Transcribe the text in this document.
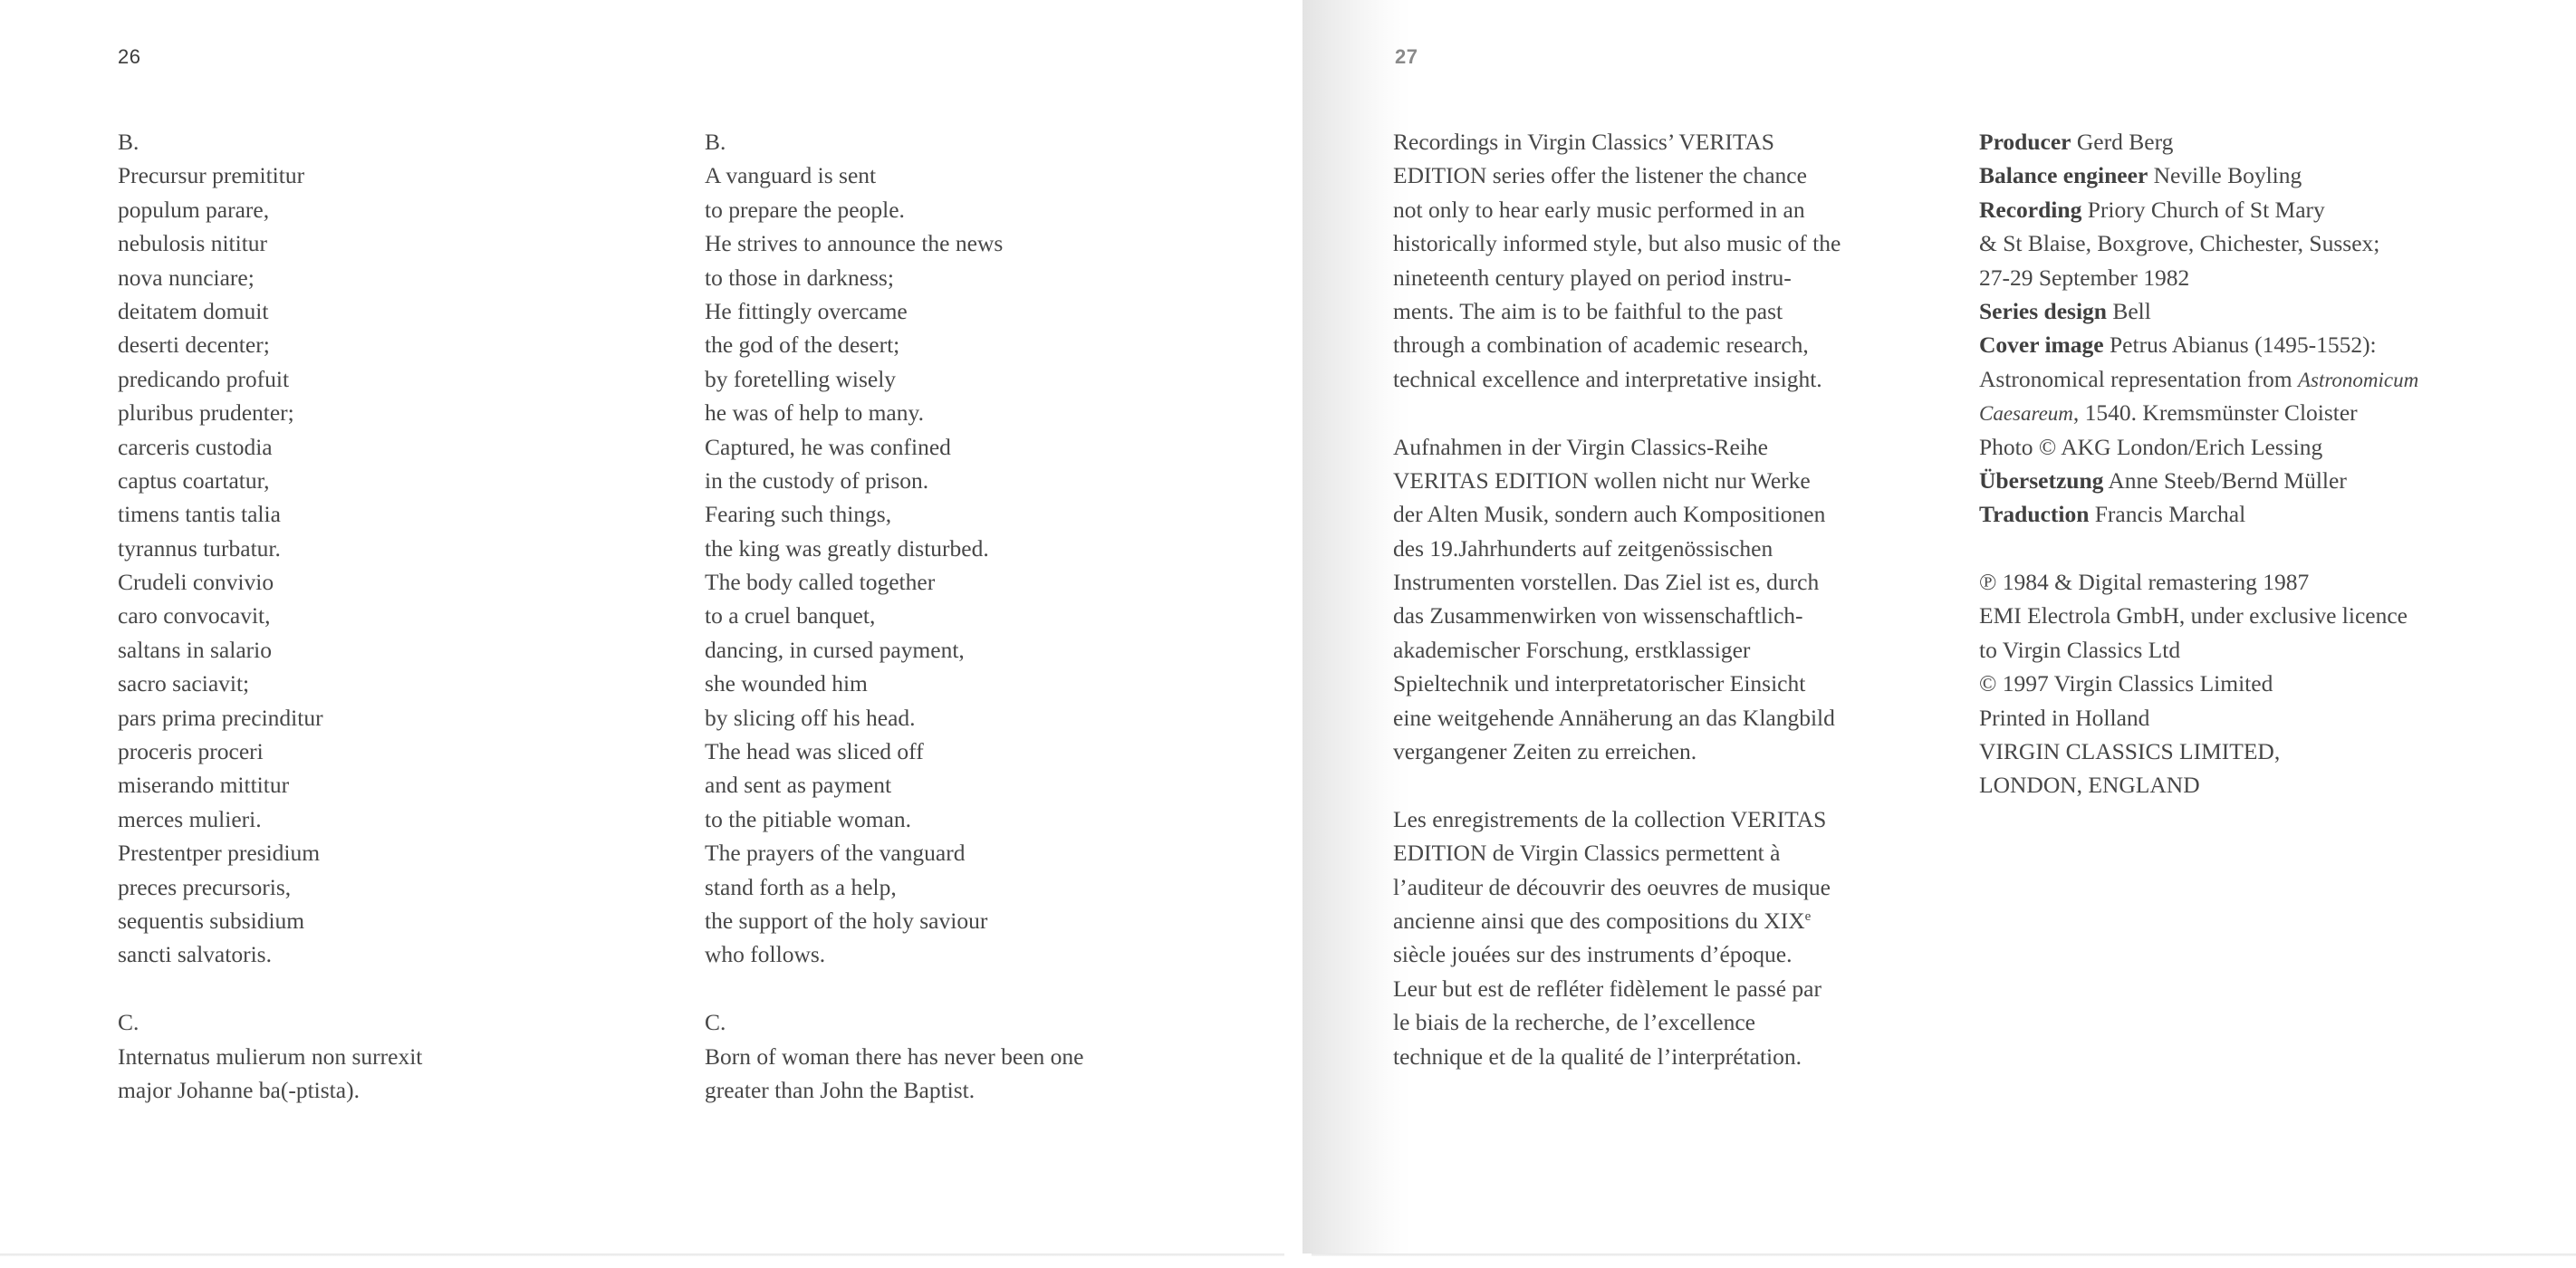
26
B.
Precursur premititur
populum parare,
nebulosis nititur
nova nunciare;
deitatem domuit
deserti decenter;
predicando profuit
pluribus prudenter;
carceris custodia
captus coartatur,
timens tantis talia
tyrannus turbatur.
Crudeli convivio
caro convocavit,
saltans in salario
sacro saciavit;
pars prima precinditur
proceris proceri
miserando mittitur
merces mulieri.
Prestentper presidium
preces precursoris,
sequentis subsidium
sancti salvatoris.
C.
Internatus mulierum non surrexit
major Johanne ba(-ptista).
B.
A vanguard is sent
to prepare the people.
He strives to announce the news
to those in darkness;
He fittingly overcame
the god of the desert;
by foretelling wisely
he was of help to many.
Captured, he was confined
in the custody of prison.
Fearing such things,
the king was greatly disturbed.
The body called together
to a cruel banquet,
dancing, in cursed payment,
she wounded him
by slicing off his head.
The head was sliced off
and sent as payment
to the pitiable woman.
The prayers of the vanguard
stand forth as a help,
the support of the holy saviour
who follows.
C.
Born of woman there has never been one
greater than John the Baptist.
27
Recordings in Virgin Classics’ VERITAS
EDITION series offer the listener the chance
not only to hear early music performed in an
historically informed style, but also music of the
nineteenth century played on period instru-
ments. The aim is to be faithful to the past
through a combination of academic research,
technical excellence and interpretative insight.
Aufnahmen in der Virgin Classics-Reihe
VERITAS EDITION wollen nicht nur Werke
der Alten Musik, sondern auch Kompositionen
des 19.Jahrhunderts auf zeitgenössischen
Instrumenten vorstellen. Das Ziel ist es, durch
das Zusammenwirken von wissenschaftlich-
akademischer Forschung, erstklassiger
Spieltechnik und interpretatorischer Einsicht
eine weitgehende Annäherung an das Klangbild
vergangener Zeiten zu erreichen.
Les enregistrements de la collection VERITAS
EDITION de Virgin Classics permettent à
l’auditeur de découvrir des oeuvres de musique
ancienne ainsi que des compositions du XIXe
siècle jouées sur des instruments d’époque.
Leur but est de refléter fidèlement le passé par
le biais de la recherche, de l’excellence
technique et de la qualité de l’interprétation.
Producer Gerd Berg
Balance engineer Neville Boyling
Recording Priory Church of St Mary
& St Blaise, Boxgrove, Chichester, Sussex;
27-29 September 1982
Series design Bell
Cover image Petrus Abianus (1495-1552):
Astronomical representation from Astronomicum
Caesareum, 1540. Kremsmünster Cloister
Photo © AKG London/Erich Lessing
Übersetzung Anne Steeb/Bernd Müller
Traduction Francis Marchal
℗ 1984 & Digital remastering 1987
EMI Electrola GmbH, under exclusive licence
to Virgin Classics Ltd
© 1997 Virgin Classics Limited
Printed in Holland
VIRGIN CLASSICS LIMITED,
LONDON, ENGLAND
